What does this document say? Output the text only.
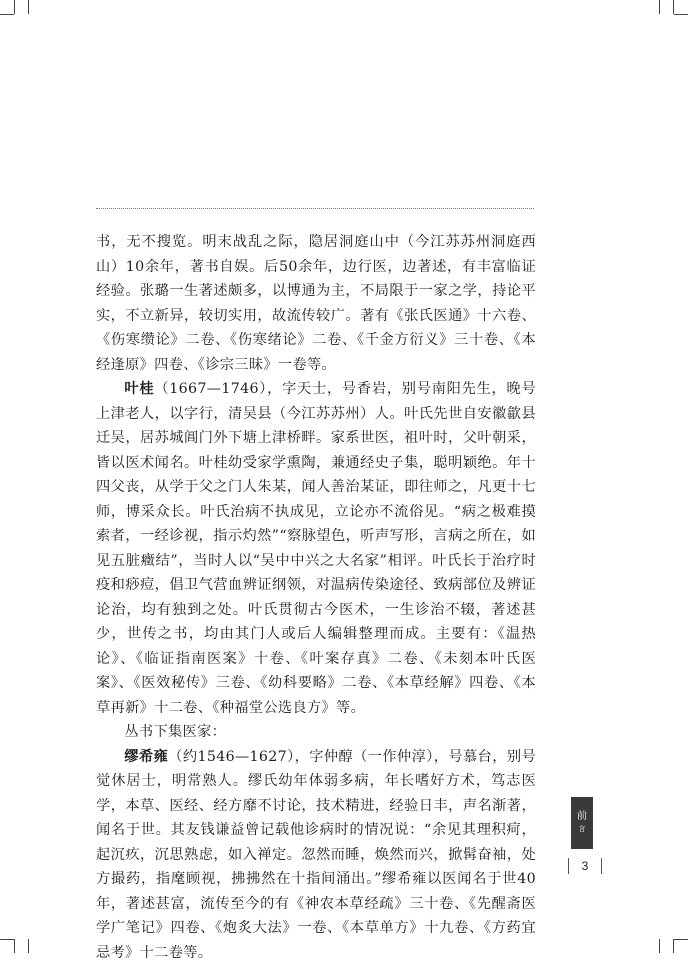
书，无不搜览。明末战乱之际，隐居洞庭山中（今江苏苏州洞庭西山）10余年，著书自娱。后50余年，边行医，边著述，有丰富临证经验。张璐一生著述颇多，以博通为主，不局限于一家之学，持论平实，不立新异，较切实用，故流传较广。著有《张氏医通》十六卷、《伤寒缵论》二卷、《伤寒绪论》二卷、《千金方衍义》三十卷、《本经逢原》四卷、《诊宗三昧》一卷等。

叶桂（1667—1746），字天士，号香岩，别号南阳先生，晚号上津老人，以字行，清吴县（今江苏苏州）人。叶氏先世自安徽歙县迁吴，居苏城阊门外下塘上津桥畔。家系世医，祖叶时，父叶朝采，皆以医术闻名。叶桂幼受家学熏陶，兼通经史子集，聪明颖绝。年十四父丧，从学于父之门人朱某，闻人善治某证，即往师之，凡更十七师，博采众长。叶氏治病不执成见，立论亦不流俗见。“病之极难摸索者，一经诊视，指示灼然”“察脉望色，听声写形，言病之所在，如见五脏癥结”，当时人以“吴中中兴之大名家”相评。叶氏长于治疗时疫和痧痘，倡卫气营血辨证纲领，对温病传染途径、致病部位及辨证论治，均有独到之处。叶氏贯彻古今医术，一生诊治不辍，著述甚少，世传之书，均由其门人或后人编辑整理而成。主要有：《温热论》、《临证指南医案》十卷、《叶案存真》二卷、《未刻本叶氏医案》、《医效秘传》三卷、《幼科要略》二卷、《本草经解》四卷、《本草再新》十二卷、《种福堂公选良方》等。

丛书下集医家：

缪希雍（约1546—1627），字仲醇（一作仲淳），号慕台，别号觉休居士，明常熟人。缪氏幼年体弱多病，年长嗜好方术，笃志医学，本草、医经、经方靡不讨论，技术精进，经验日丰，声名渐著，闻名于世。其友钱谦益曾记载他诊病时的情况说：“余见其理积疴，起沉疚，沉思熟虑，如入禅定。忽然而睡，焕然而兴，掀髯奋袖，处方撮药，指麾顾视，拂拂然在十指间涌出。”缪希雍以医闻名于世40年，著述甚富，流传至今的有《神农本草经疏》三十卷、《先醒斋医学广笔记》四卷、《炮炙大法》一卷、《本草单方》十九卷、《方药宜忌考》十二卷等。

前
言
3
